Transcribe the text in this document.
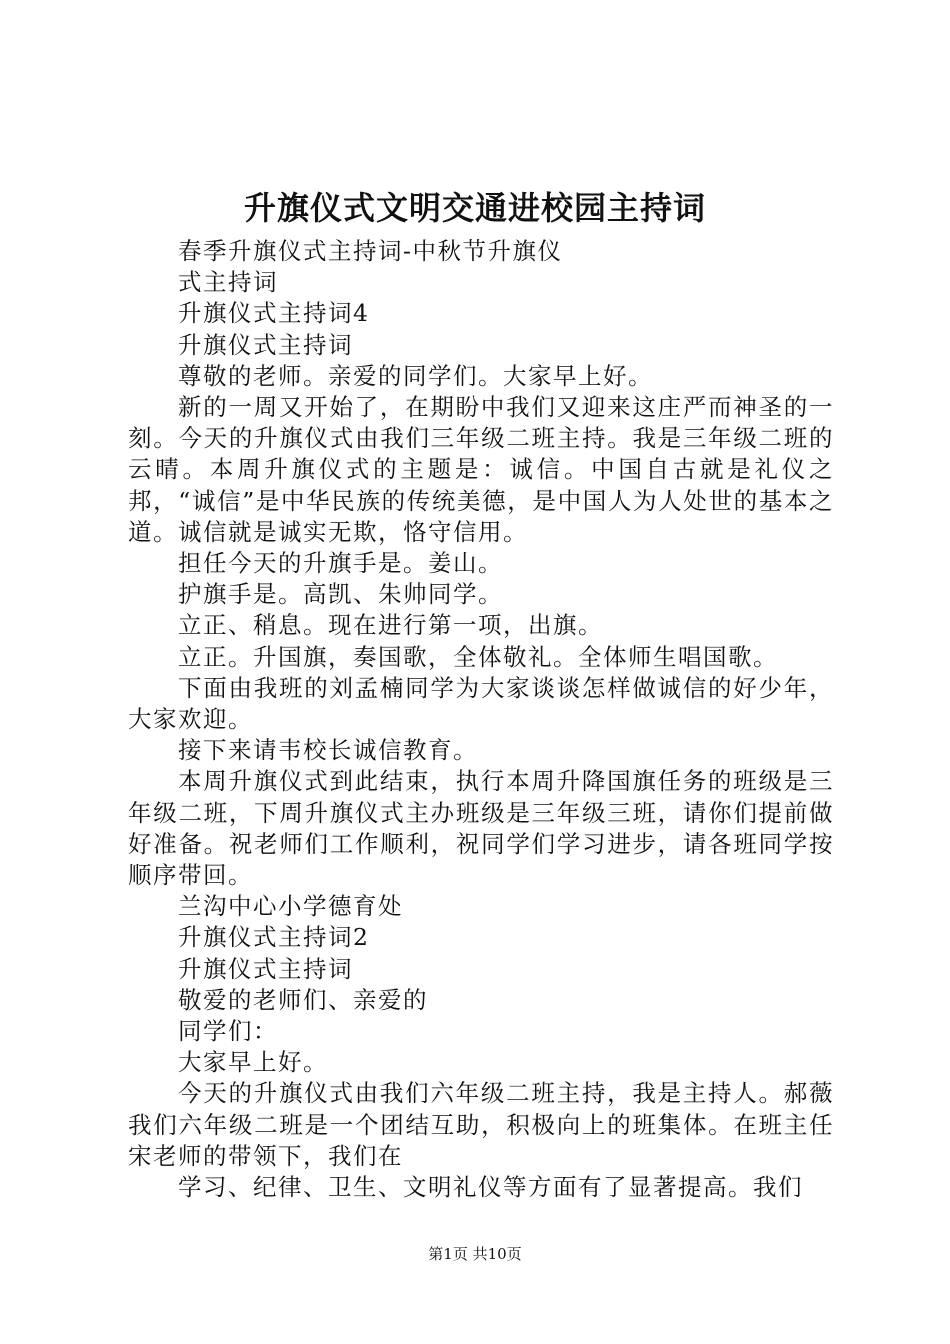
升旗仪式文明交通进校园主持词

春季升旗仪式主持词-中秋节升旗仪

式主持词

升旗仪式主持词4

升旗仪式主持词

尊敬的老师。亲爱的同学们。大家早上好。

新的一周又开始了，在期盼中我们又迎来这庄严而神圣的一刻。今天的升旗仪式由我们三年级二班主持。我是三年级二班的云晴。本周升旗仪式的主题是：诚信。中国自古就是礼仪之邦，“诚信”是中华民族的传统美德，是中国人为人处世的基本之道。诚信就是诚实无欺，恪守信用。

担任今天的升旗手是。姜山。

护旗手是。高凯、朱帅同学。

立正、稍息。现在进行第一项，出旗。

立正。升国旗，奏国歌，全体敬礼。全体师生唱国歌。

下面由我班的刘孟楠同学为大家谈谈怎样做诚信的好少年，大家欢迎。

接下来请韦校长诚信教育。

本周升旗仪式到此结束，执行本周升降国旗任务的班级是三年级二班，下周升旗仪式主办班级是三年级三班，请你们提前做好准备。祝老师们工作顺利，祝同学们学习进步，请各班同学按顺序带回。

兰沟中心小学德育处

升旗仪式主持词2

升旗仪式主持词

敬爱的老师们、亲爱的

同学们：

大家早上好。

今天的升旗仪式由我们六年级二班主持，我是主持人。郝薇我们六年级二班是一个团结互助，积极向上的班集体。在班主任宋老师的带领下，我们在

学习、纪律、卫生、文明礼仪等方面有了显著提高。我们

第1页 共10页
